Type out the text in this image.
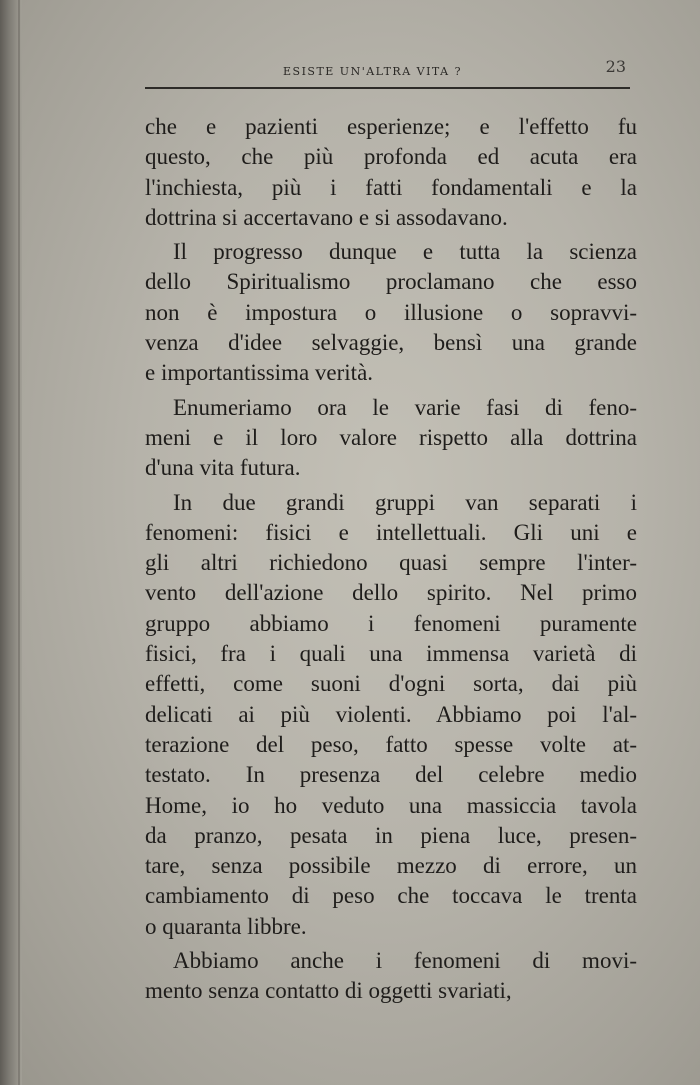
ESISTE UN'ALTRA VITA ?	23
che e pazienti esperienze; e l'effetto fu
questo, che più profonda ed acuta era
l'inchiesta, più i fatti fondamentali e la
dottrina si accertavano e si assodavano.
Il progresso dunque e tutta la scienza
dello Spiritualismo proclamano che esso
non è impostura o illusione o sopravvi-
venza d'idee selvaggie, bensì una grande
e importantissima verità.
Enumeriamo ora le varie fasi di feno-
meni e il loro valore rispetto alla dottrina
d'una vita futura.
In due grandi gruppi van separati i
fenomeni: fisici e intellettuali. Gli uni e
gli altri richiedono quasi sempre l'inter-
vento dell'azione dello spirito. Nel primo
gruppo abbiamo i fenomeni puramente
fisici, fra i quali una immensa varietà di
effetti, come suoni d'ogni sorta, dai più
delicati ai più violenti. Abbiamo poi l'al-
terazione del peso, fatto spesse volte at-
testato. In presenza del celebre medio
Home, io ho veduto una massiccia tavola
da pranzo, pesata in piena luce, presen-
tare, senza possibile mezzo di errore, un
cambiamento di peso che toccava le trenta
o quaranta libbre.
Abbiamo anche i fenomeni di movi-
mento senza contatto di oggetti svariati,
